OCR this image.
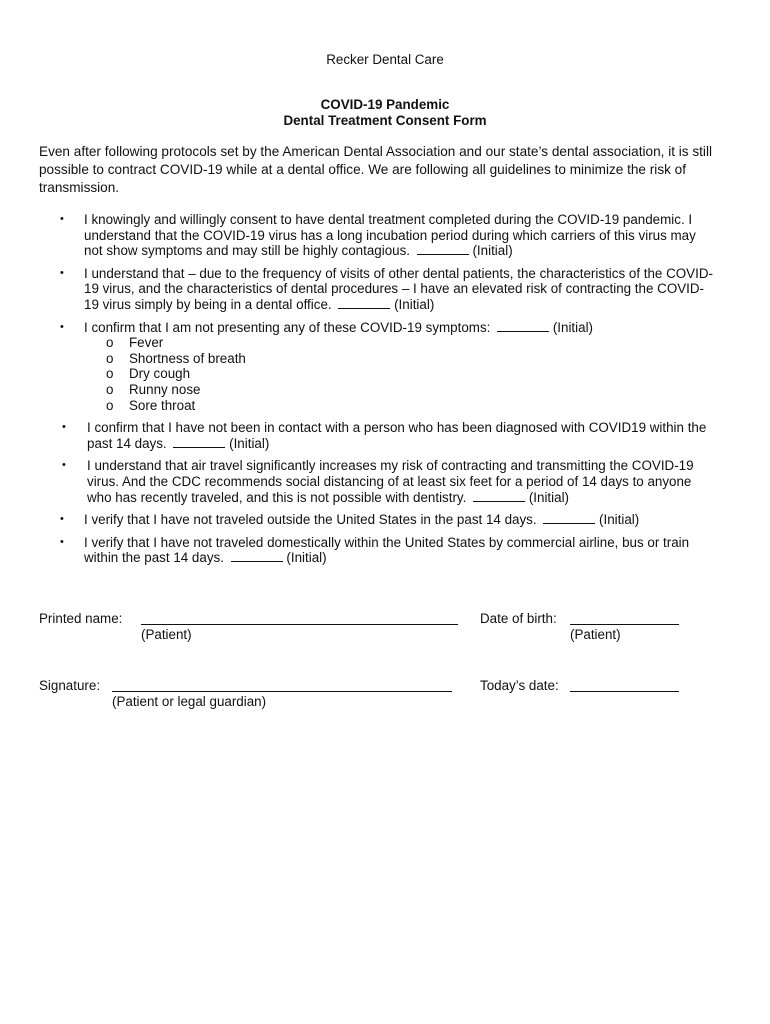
Recker Dental Care
COVID-19 Pandemic
Dental Treatment Consent Form
Even after following protocols set by the American Dental Association and our state’s dental association, it is still possible to contract COVID-19 while at a dental office. We are following all guidelines to minimize the risk of transmission.
• I knowingly and willingly consent to have dental treatment completed during the COVID-19 pandemic. I understand that the COVID-19 virus has a long incubation period during which carriers of this virus may not show symptoms and may still be highly contagious.	(Initial)
• I understand that – due to the frequency of visits of other dental patients, the characteristics of the COVID-19 virus, and the characteristics of dental procedures – I have an elevated risk of contracting the COVID-19 virus simply by being in a dental office.	(Initial)
• I confirm that I am not presenting any of these COVID-19 symptoms:	(Initial)
o Fever
o Shortness of breath
o Dry cough
o Runny nose
o Sore throat
• I confirm that I have not been in contact with a person who has been diagnosed with COVID19 within the past 14 days.	(Initial)
• I understand that air travel significantly increases my risk of contracting and transmitting the COVID-19 virus. And the CDC recommends social distancing of at least six feet for a period of 14 days to anyone who has recently traveled, and this is not possible with dentistry.	(Initial)
• I verify that I have not traveled outside the United States in the past 14 days.	(Initial)
• I verify that I have not traveled domestically within the United States by commercial airline, bus or train within the past 14 days.	(Initial)
Printed name:
(Patient)
Date of birth:
(Patient)
Signature:
(Patient or legal guardian)
Today’s date:
